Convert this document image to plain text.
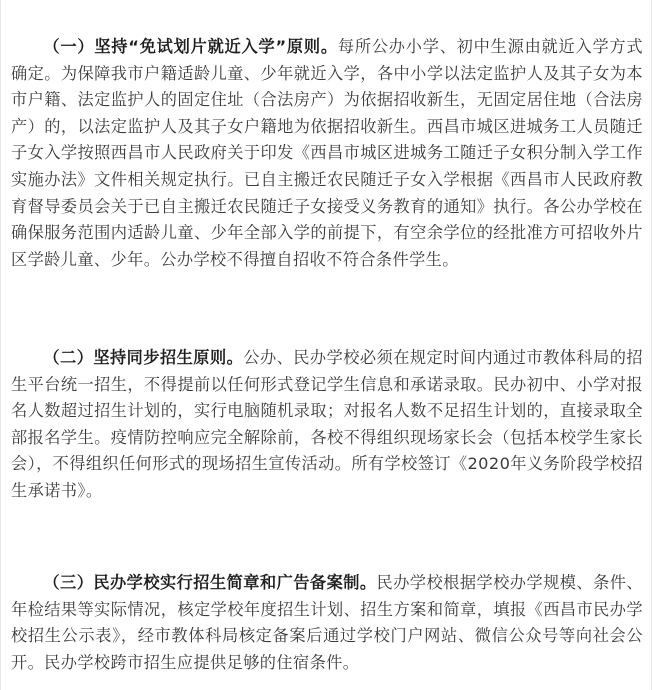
（一）坚持“免试划片就近入学”原则。每所公办小学、初中生源由就近入学方式确定。为保障我市户籍适龄儿童、少年就近入学，各中小学以法定监护人及其子女为本市户籍、法定监护人的固定住址（合法房产）为依据招收新生，无固定居住地（合法房产）的，以法定监护人及其子女户籍地为依据招收新生。西昌市城区进城务工人员随迁子女入学按照西昌市人民政府关于印发《西昌市城区进城务工随迁子女积分制入学工作实施办法》文件相关规定执行。已自主搬迁农民随迁子女入学根据《西昌市人民政府教育督导委员会关于已自主搬迁农民随迁子女接受义务教育的通知》执行。各公办学校在确保服务范围内适龄儿童、少年全部入学的前提下，有空余学位的经批准方可招收外片区学龄儿童、少年。公办学校不得擅自招收不符合条件学生。

（二）坚持同步招生原则。公办、民办学校必须在规定时间内通过市教体科局的招生平台统一招生，不得提前以任何形式登记学生信息和承诺录取。民办初中、小学对报名人数超过招生计划的，实行电脑随机录取；对报名人数不足招生计划的，直接录取全部报名学生。疫情防控响应完全解除前，各校不得组织现场家长会（包括本校学生家长会），不得组织任何形式的现场招生宣传活动。所有学校签订《2020年义务阶段学校招生承诺书》。

（三）民办学校实行招生简章和广告备案制。民办学校根据学校办学规模、条件、年检结果等实际情况，核定学校年度招生计划、招生方案和简章，填报《西昌市民办学校招生公示表》，经市教体科局核定备案后通过学校门户网站、微信公众号等向社会公开。民办学校跨市招生应提供足够的住宿条件。
